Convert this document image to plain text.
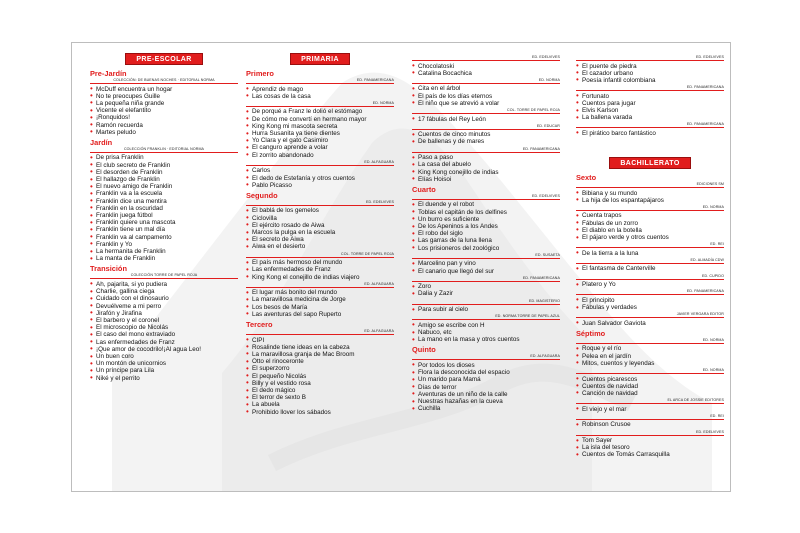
PRE-ESCOLAR
Pre-Jardín
COLECCIÓN: DE BUENAS NOCHES · EDITORIAL NORMA
• McDuff encuentra un hogar
• No te preocupes Guille
• La pequeña niña grande
• Vicente el elefantito
• ¡Ronquidos!
• Ramón recuerda
• Martes peludo
Jardín
COLECCIÓN FRANKLIN · EDITORIAL NORMA
• De prisa Franklin
• El club secreto de Franklin
• El desorden de Franklin
• El hallazgo de Franklin
• El nuevo amigo de Franklin
• Franklin va a la escuela
• Franklin dice una mentira
• Franklin en la oscuridad
• Franklin juega fútbol
• Franklin quiere una mascota
• Franklin tiene un mal día
• Franklin va al campamento
• Franklin y Yo
• La hermanita de Franklin
• La manta de Franklin
Transición
COLECCIÓN TORRE DE PAPEL ROJA
• Ah, pajarita, si yo pudiera
• Charlie, gallina ciega
• Cuidado con el dinosaurio
• Devuélveme a mi perro
• Jirafón y Jirafina
• El barbero y el coronel
• El microscopio de Nicolás
• El caso del mono extraviado
• Las enfermedades de Franz
• ¡Que amor de cocodrilo!¡Al agua Leo!
• Un buen coro
• Un montón de unicornios
• Un príncipe para Lila
• Niké y el perrito
PRIMARIA
Primero
ED. PANAMERICANA
• Aprendiz de mago
• Las cosas de la casa
ED. NORMA
• De porqué a Franz le dolió el estómago
• De cómo me convertí en hermano mayor
• King Kong mi mascota secreta
• Hurra Susanita ya tiene dientes
• Yo Clara y el gato Casimiro
• El canguro aprende a volar
• El zorrito abandonado
ED. ALFAGUARA
• Carlos
• El dedo de Estefanía y otros cuentos
• Pablo Picasso
Segundo
ED. EDELVIVES
• El bablá de los gemelos
• Ciclovilla
• El ejército rosado de Aiwa
• Marcos la pulga en la escuela
• El secreto de Aiwa
• Aiwa en el desierto
COL. TORRE DE PAPEL ROJA
• El país más hermoso del mundo
• Las enfermedades de Franz
• King Kong el conejillo de indias viajero
ED. ALFAGUARA
• El lugar más bonito del mundo
• La maravillosa medicina de Jorge
• Los besos de María
• Las aventuras del sapo Ruperto
Tercero
ED. ALFAGUARA
• CIPI
• Rosalinde tiene ideas en la cabeza
• La maravillosa granja de Mac Broom
• Otto el rinoceronte
• El superzorro
• El pequeño Nicolás
• Billy y el vestido rosa
• El dedo mágico
• El terror de sexto B
• La abuela
• Prohibido llover los sábados
ED. EDELVIVES
• Chocolatoski
• Catalina Bocachica
ED. NORMA
• Cita en el árbol
• El país de los días eternos
• El niño que se atrevió a volar
COL. TORRE DE PAPEL ROJA
• 17 fábulas del Rey León
ED. EDUCAR
• Cuentos de cinco minutos
• De ballenas y de mares
ED. PANAMERICANA
• Paso a paso
• La casa del abuelo
• King Kong conejillo de indias
• Elías Hoisoi
Cuarto
ED. EDELVIVES
• El duende y el robot
• Toblas el capitán de los delfines
• Un burro es suficiente
• De los Apeninos a los Andes
• El robo del siglo
• Las garras de la luna llena
• Los prisioneros del zoológico
ED. SUSAETA
• Marcelino pan y vino
• El canario que llegó del sur
ED. PANAMERICANA
• Zoro
• Dalia y Zazir
ED. MAGISTERIO
• Para subir al cielo
ED. NORMA TORRE DE PAPEL AZUL
• Amigo se escribe con H
• Nabuco, etc
• La mano en la masa y otros cuentos
Quinto
ED. ALFAGUARA
• Por todos los dioses
• Flora la desconocida del espacio
• Un marido para Mamá
• Días de terror
• Aventuras de un niño de la calle
• Nuestras hazañas en la cueva
• Cuchilla
ED. EDELVIVES
• El puente de piedra
• El cazador urbano
• Poesía infantil colombiana
ED. PANAMERICANA
• Fortunato
• Cuentos para jugar
• Elvis Karlson
• La ballena varada
ED. PANAMERICANA
• El pirático barco fantástico
BACHILLERATO
Sexto
EDICIONES SM
• Bibiana y su mundo
• La hija de los espantapájaros
ED. NORMA
• Cuenta trapos
• Fábulas de un zorro
• El diablo en la botella
• El pájaro verde y otros cuentos
ED. REI
• De la tierra a la luna
ED. ALMADÍA CDW
• El fantasma de Canterville
ED. CUPIDO
• Platero y Yo
ED. PANAMERICANA
• El principito
• Fábulas y verdades
JAVIER VERGARA EDITOR
• Juan Salvador Gaviota
Séptimo
ED. NORMA
• Roque y el río
• Pelea en el jardín
• Mitos, cuentos y leyendas
ED. NORMA
• Cuentos picarescos
• Cuentos de navidad
• Canción de navidad
EL ARCA DE JOSSIE EDITORES
• El viejo y el mar
ED. REI
• Robinson Crusoe
ED. EDELVIVES
• Tom Sayer
• La isla del tesoro
• Cuentos de Tomás Carrasquilla
